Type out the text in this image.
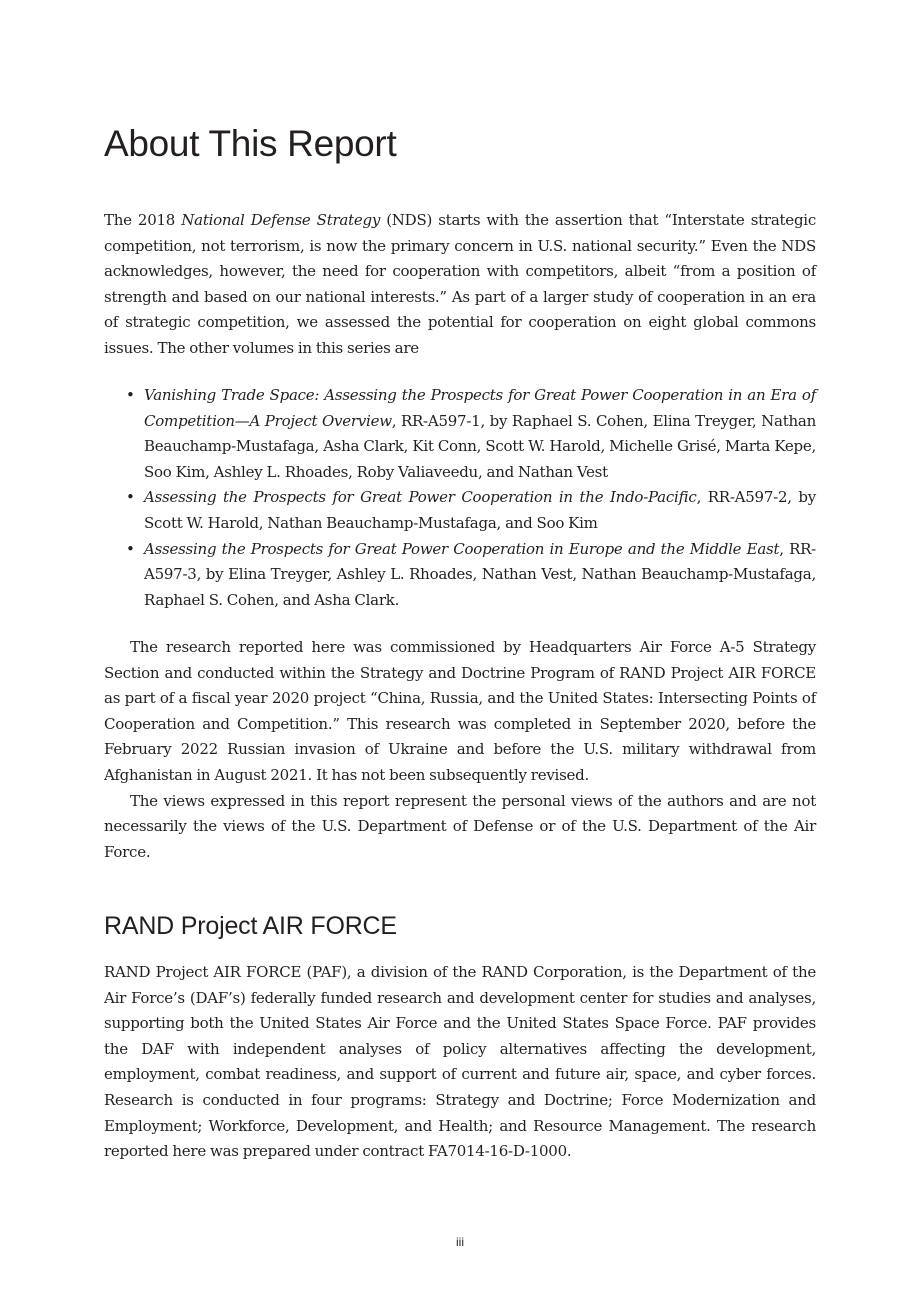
About This Report

The 2018 National Defense Strategy (NDS) starts with the assertion that “Interstate strategic competition, not terrorism, is now the primary concern in U.S. national security.” Even the NDS acknowledges, however, the need for cooperation with competitors, albeit “from a position of strength and based on our national interests.” As part of a larger study of cooperation in an era of strategic competition, we assessed the potential for cooperation on eight global commons issues. The other volumes in this series are

• Vanishing Trade Space: Assessing the Prospects for Great Power Cooperation in an Era of Competition—A Project Overview, RR-A597-1, by Raphael S. Cohen, Elina Treyger, Nathan Beauchamp-Mustafaga, Asha Clark, Kit Conn, Scott W. Harold, Michelle Grisé, Marta Kepe, Soo Kim, Ashley L. Rhoades, Roby Valiaveedu, and Nathan Vest
• Assessing the Prospects for Great Power Cooperation in the Indo-Pacific, RR-A597-2, by Scott W. Harold, Nathan Beauchamp-Mustafaga, and Soo Kim
• Assessing the Prospects for Great Power Cooperation in Europe and the Middle East, RR-A597-3, by Elina Treyger, Ashley L. Rhoades, Nathan Vest, Nathan Beauchamp-Mustafaga, Raphael S. Cohen, and Asha Clark.

The research reported here was commissioned by Headquarters Air Force A-5 Strategy Section and conducted within the Strategy and Doctrine Program of RAND Project AIR FORCE as part of a fiscal year 2020 project “China, Russia, and the United States: Intersecting Points of Cooperation and Competition.” This research was completed in September 2020, before the February 2022 Russian invasion of Ukraine and before the U.S. military withdrawal from Afghanistan in August 2021. It has not been subsequently revised.

The views expressed in this report represent the personal views of the authors and are not necessarily the views of the U.S. Department of Defense or of the U.S. Department of the Air Force.

RAND Project AIR FORCE

RAND Project AIR FORCE (PAF), a division of the RAND Corporation, is the Department of the Air Force’s (DAF’s) federally funded research and development center for studies and analyses, supporting both the United States Air Force and the United States Space Force. PAF provides the DAF with independent analyses of policy alternatives affecting the development, employment, combat readiness, and support of current and future air, space, and cyber forces. Research is conducted in four programs: Strategy and Doctrine; Force Modernization and Employment; Workforce, Development, and Health; and Resource Management. The research reported here was prepared under contract FA7014-16-D-1000.

iii
